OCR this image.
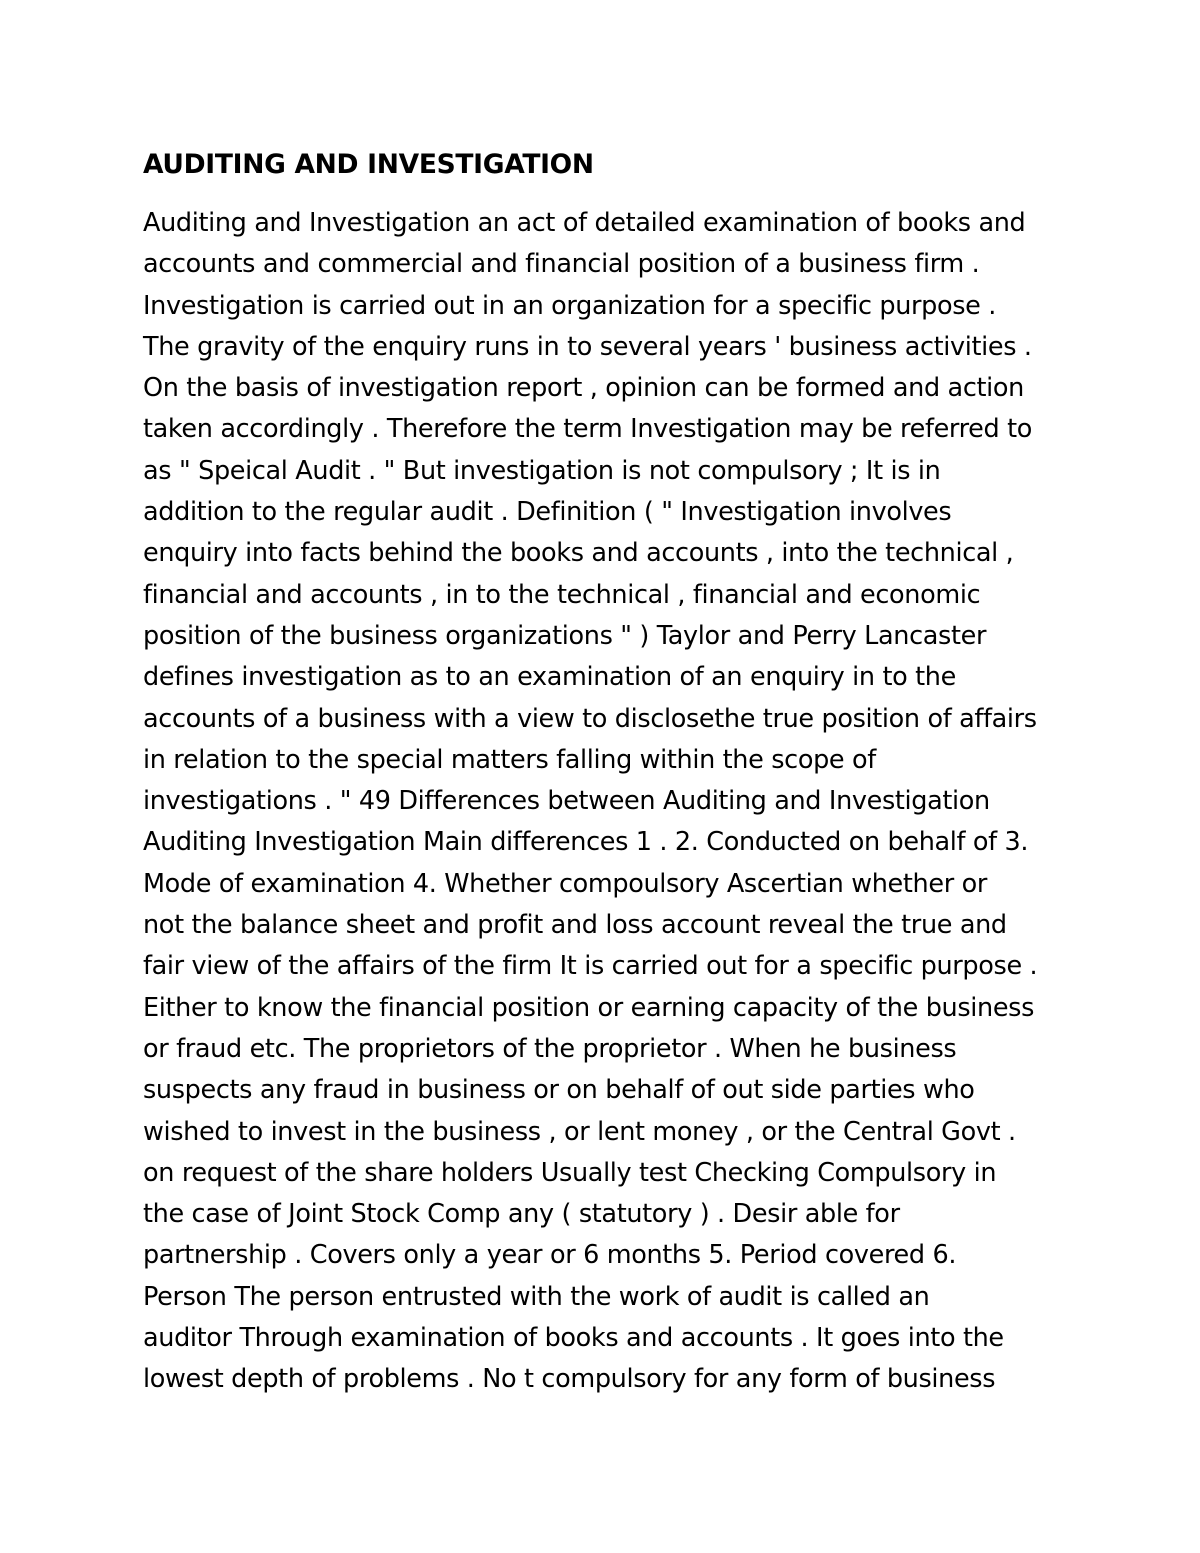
AUDITING AND INVESTIGATION
Auditing and Investigation an act of detailed examination of books and
accounts and commercial and financial position of a business firm .
Investigation is carried out in an organization for a specific purpose .
The gravity of the enquiry runs in to several years ' business activities .
On the basis of investigation report , opinion can be formed and action
taken accordingly . Therefore the term Investigation may be referred to
as " Speical Audit . " But investigation is not compulsory ; It is in
addition to the regular audit . Definition ( " Investigation involves
enquiry into facts behind the books and accounts , into the technical ,
financial and accounts , in to the technical , financial and economic
position of the business organizations " ) Taylor and Perry Lancaster
defines investigation as to an examination of an enquiry in to the
accounts of a business with a view to disclosethe true position of affairs
in relation to the special matters falling within the scope of
investigations . " 49 Differences between Auditing and Investigation
Auditing Investigation Main differences 1 . 2. Conducted on behalf of 3.
Mode of examination 4. Whether compoulsory Ascertian whether or
not the balance sheet and profit and loss account reveal the true and
fair view of the affairs of the firm It is carried out for a specific purpose .
Either to know the financial position or earning capacity of the business
or fraud etc. The proprietors of the proprietor . When he business
suspects any fraud in business or on behalf of out side parties who
wished to invest in the business , or lent money , or the Central Govt .
on request of the share holders Usually test Checking Compulsory in
the case of Joint Stock Comp any ( statutory ) . Desir able for
partnership . Covers only a year or 6 months 5. Period covered 6.
Person The person entrusted with the work of audit is called an
auditor Through examination of books and accounts . It goes into the
lowest depth of problems . No t compulsory for any form of business
